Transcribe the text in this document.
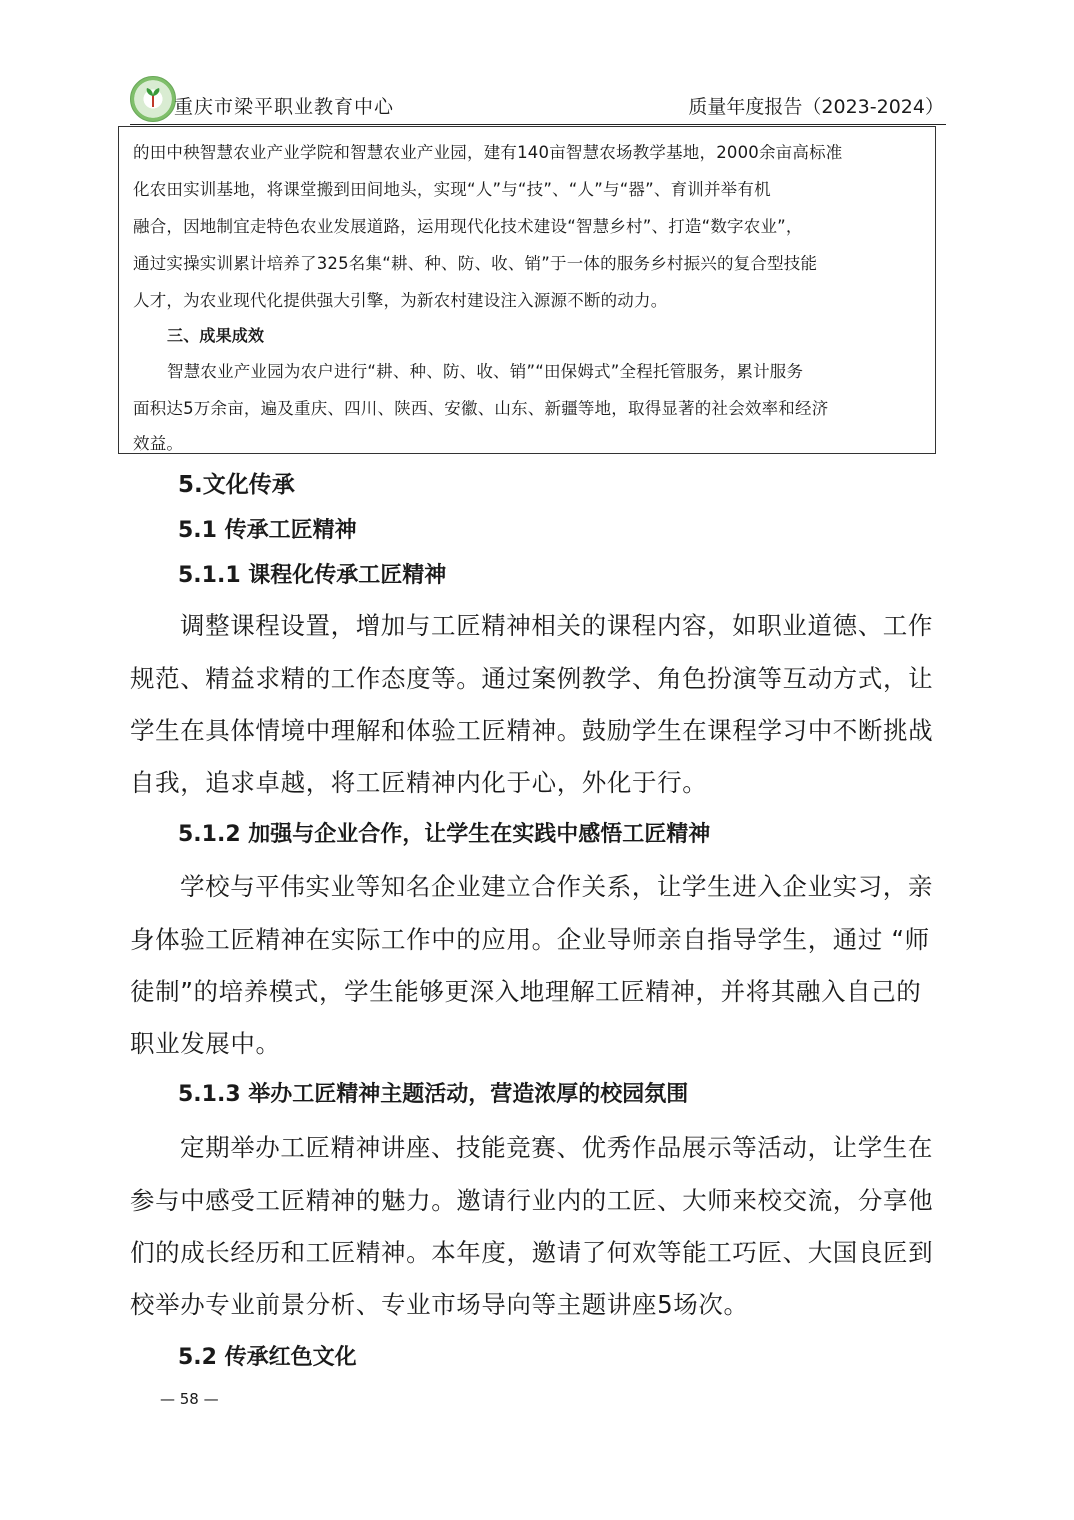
重庆市梁平职业教育中心	质量年度报告（2023-2024）
的田中秧智慧农业产业学院和智慧农业产业园，建有140亩智慧农场教学基地，2000余亩高标准
化农田实训基地，将课堂搬到田间地头，实现“人”与“技”、“人”与“器”、育训并举有机
融合，因地制宜走特色农业发展道路，运用现代化技术建设“智慧乡村”、打造“数字农业”，
通过实操实训累计培养了325名集“耕、种、防、收、销”于一体的服务乡村振兴的复合型技能
人才，为农业现代化提供强大引擎，为新农村建设注入源源不断的动力。
三、成果成效
智慧农业产业园为农户进行“耕、种、防、收、销”“田保姆式”全程托管服务，累计服务
面积达5万余亩，遍及重庆、四川、陕西、安徽、山东、新疆等地，取得显著的社会效率和经济
效益。
5.文化传承
5.1 传承工匠精神
5.1.1 课程化传承工匠精神
调整课程设置，增加与工匠精神相关的课程内容，如职业道德、工作
规范、精益求精的工作态度等。通过案例教学、角色扮演等互动方式，让
学生在具体情境中理解和体验工匠精神。鼓励学生在课程学习中不断挑战
自我，追求卓越，将工匠精神内化于心，外化于行。
5.1.2 加强与企业合作，让学生在实践中感悟工匠精神
学校与平伟实业等知名企业建立合作关系，让学生进入企业实习，亲
身体验工匠精神在实际工作中的应用。企业导师亲自指导学生，通过 “师
徒制”的培养模式，学生能够更深入地理解工匠精神，并将其融入自己的
职业发展中。
5.1.3 举办工匠精神主题活动，营造浓厚的校园氛围
定期举办工匠精神讲座、技能竞赛、优秀作品展示等活动，让学生在
参与中感受工匠精神的魅力。邀请行业内的工匠、大师来校交流，分享他
们的成长经历和工匠精神。本年度，邀请了何欢等能工巧匠、大国良匠到
校举办专业前景分析、专业市场导向等主题讲座5场次。
5.2 传承红色文化
— 58 —
